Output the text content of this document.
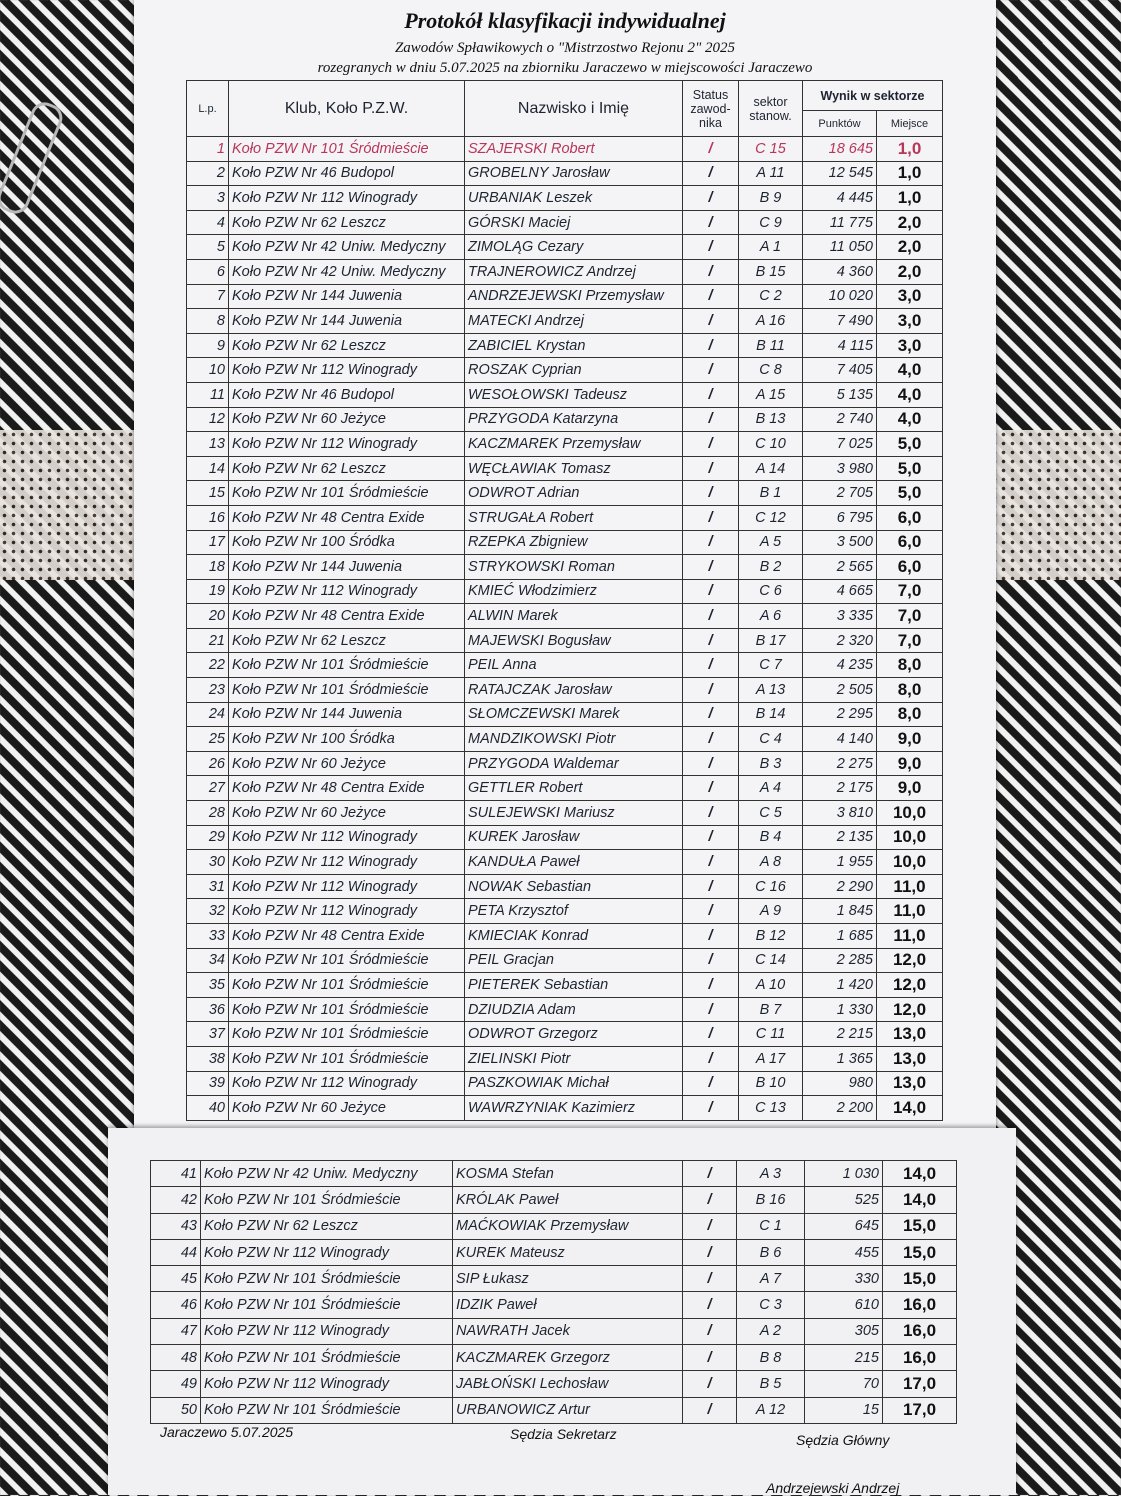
Protokół klasyfikacji indywidualnej
Zawodów Spławikowych o "Mistrzostwo Rejonu 2" 2025
rozegranych w dniu 5.07.2025 na zbiorniku Jaraczewo w miejscowości Jaraczewo
L.p.	Klub, Koło P.Z.W.	Nazwisko i Imię	Status zawod-nika	sektor stanow.	Wynik w sektorze	
					Punktów	Miejsce
1	Koło PZW Nr 101 Śródmieście	SZAJERSKI Robert	/	C 15	18 645	1,0
2	Koło PZW Nr 46 Budopol	GROBELNY Jarosław	/	A 11	12 545	1,0
3	Koło PZW Nr 112 Winogrady	URBANIAK Leszek	/	B 9	4 445	1,0
4	Koło PZW Nr 62 Leszcz	GÓRSKI Maciej	/	C 9	11 775	2,0
5	Koło PZW Nr 42 Uniw. Medyczny	ZIMOLĄG Cezary	/	A 1	11 050	2,0
6	Koło PZW Nr 42 Uniw. Medyczny	TRAJNEROWICZ Andrzej	/	B 15	4 360	2,0
7	Koło PZW Nr 144 Juwenia	ANDRZEJEWSKI Przemysław	/	C 2	10 020	3,0
8	Koło PZW Nr 144 Juwenia	MATECKI Andrzej	/	A 16	7 490	3,0
9	Koło PZW Nr 62 Leszcz	ZABICIEL Krystan	/	B 11	4 115	3,0
10	Koło PZW Nr 112 Winogrady	ROSZAK Cyprian	/	C 8	7 405	4,0
11	Koło PZW Nr 46 Budopol	WESOŁOWSKI Tadeusz	/	A 15	5 135	4,0
12	Koło PZW Nr 60 Jeżyce	PRZYGODA Katarzyna	/	B 13	2 740	4,0
13	Koło PZW Nr 112 Winogrady	KACZMAREK Przemysław	/	C 10	7 025	5,0
14	Koło PZW Nr 62 Leszcz	WĘCŁAWIAK Tomasz	/	A 14	3 980	5,0
15	Koło PZW Nr 101 Śródmieście	ODWROT Adrian	/	B 1	2 705	5,0
16	Koło PZW Nr 48 Centra Exide	STRUGAŁA Robert	/	C 12	6 795	6,0
17	Koło PZW Nr 100 Śródka	RZEPKA Zbigniew	/	A 5	3 500	6,0
18	Koło PZW Nr 144 Juwenia	STRYKOWSKI Roman	/	B 2	2 565	6,0
19	Koło PZW Nr 112 Winogrady	KMIEĆ Włodzimierz	/	C 6	4 665	7,0
20	Koło PZW Nr 48 Centra Exide	ALWIN Marek	/	A 6	3 335	7,0
21	Koło PZW Nr 62 Leszcz	MAJEWSKI Bogusław	/	B 17	2 320	7,0
22	Koło PZW Nr 101 Śródmieście	PEIL Anna	/	C 7	4 235	8,0
23	Koło PZW Nr 101 Śródmieście	RATAJCZAK Jarosław	/	A 13	2 505	8,0
24	Koło PZW Nr 144 Juwenia	SŁOMCZEWSKI Marek	/	B 14	2 295	8,0
25	Koło PZW Nr 100 Śródka	MANDZIKOWSKI Piotr	/	C 4	4 140	9,0
26	Koło PZW Nr 60 Jeżyce	PRZYGODA Waldemar	/	B 3	2 275	9,0
27	Koło PZW Nr 48 Centra Exide	GETTLER Robert	/	A 4	2 175	9,0
28	Koło PZW Nr 60 Jeżyce	SULEJEWSKI Mariusz	/	C 5	3 810	10,0
29	Koło PZW Nr 112 Winogrady	KUREK Jarosław	/	B 4	2 135	10,0
30	Koło PZW Nr 112 Winogrady	KANDUŁA Paweł	/	A 8	1 955	10,0
31	Koło PZW Nr 112 Winogrady	NOWAK Sebastian	/	C 16	2 290	11,0
32	Koło PZW Nr 112 Winogrady	PETA Krzysztof	/	A 9	1 845	11,0
33	Koło PZW Nr 48 Centra Exide	KMIECIAK Konrad	/	B 12	1 685	11,0
34	Koło PZW Nr 101 Śródmieście	PEIL Gracjan	/	C 14	2 285	12,0
35	Koło PZW Nr 101 Śródmieście	PIETEREK Sebastian	/	A 10	1 420	12,0
36	Koło PZW Nr 101 Śródmieście	DZIUDZIA Adam	/	B 7	1 330	12,0
37	Koło PZW Nr 101 Śródmieście	ODWROT Grzegorz	/	C 11	2 215	13,0
38	Koło PZW Nr 101 Śródmieście	ZIELINSKI Piotr	/	A 17	1 365	13,0
39	Koło PZW Nr 112 Winogrady	PASZKOWIAK Michał	/	B 10	980	13,0
40	Koło PZW Nr 60 Jeżyce	WAWRZYNIAK Kazimierz	/	C 13	2 200	14,0
41	Koło PZW Nr 42 Uniw. Medyczny	KOSMA Stefan	/	A 3	1 030	14,0
42	Koło PZW Nr 101 Śródmieście	KRÓLAK Paweł	/	B 16	525	14,0
43	Koło PZW Nr 62 Leszcz	MAĆKOWIAK Przemysław	/	C 1	645	15,0
44	Koło PZW Nr 112 Winogrady	KUREK Mateusz	/	B 6	455	15,0
45	Koło PZW Nr 101 Śródmieście	SIP Łukasz	/	A 7	330	15,0
46	Koło PZW Nr 101 Śródmieście	IDZIK Paweł	/	C 3	610	16,0
47	Koło PZW Nr 112 Winogrady	NAWRATH Jacek	/	A 2	305	16,0
48	Koło PZW Nr 101 Śródmieście	KACZMAREK Grzegorz	/	B 8	215	16,0
49	Koło PZW Nr 112 Winogrady	JABŁOŃSKI Lechosław	/	B 5	70	17,0
50	Koło PZW Nr 101 Śródmieście	URBANOWICZ Artur	/	A 12	15	17,0
Jaraczewo 5.07.2025	Sędzia Sekretarz	Sędzia Główny
Andrzejewski Andrzej
